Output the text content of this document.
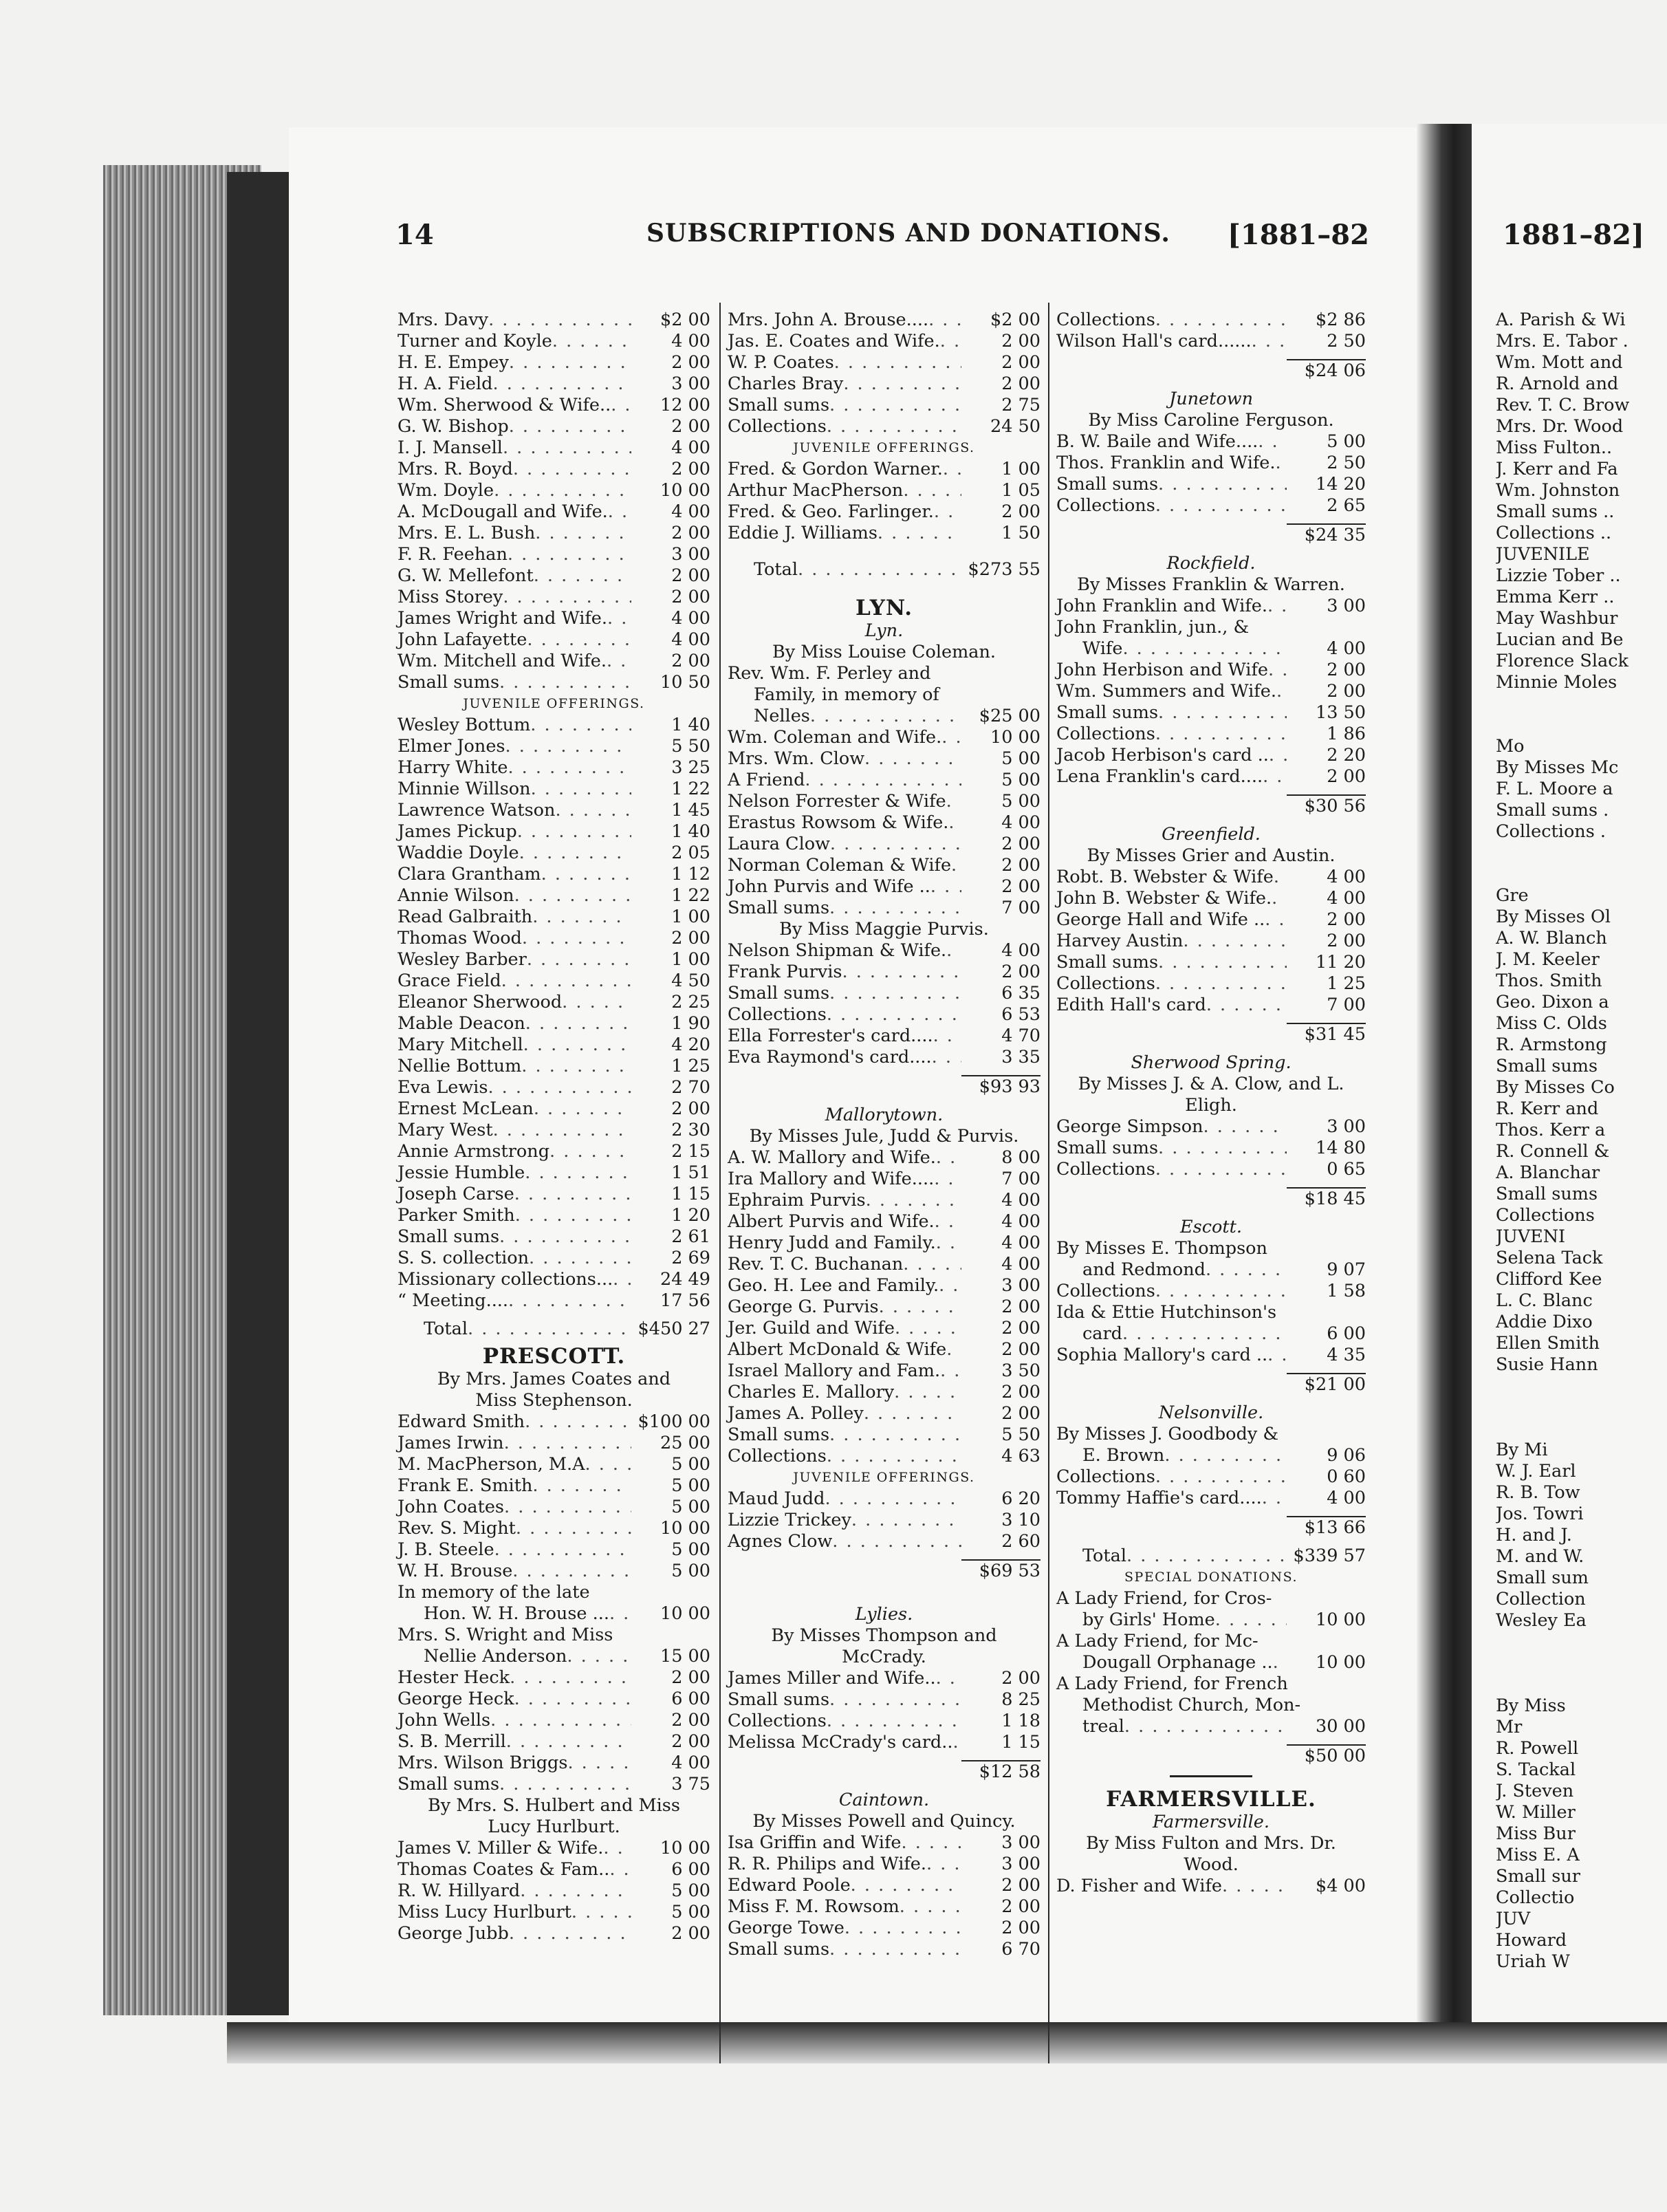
14	SUBSCRIPTIONS AND DONATIONS. [1881–82	1881–82]
Mrs. Davy . . .	$2 00
Turner and Koyle . . .	4 00
H. E. Empey . . .	2 00
H. A. Field . . .	3 00
Wm. Sherwood & Wife.. . . .	12 00
G. W. Bishop . . .	2 00
I. J. Mansell . . .	4 00
Mrs. R. Boyd . . .	2 00
Wm. Doyle . . .	10 00
A. McDougall and Wife. . . .	4 00
Mrs. E. L. Bush . . .	2 00
F. R. Feehan . . .	3 00
G. W. Mellefont . . .	2 00
Miss Storey . . .	2 00
James Wright and Wife. . . .	4 00
John Lafayette . . .	4 00
Wm. Mitchell and Wife. . . .	2 00
Small sums . . .	10 50
JUVENILE OFFERINGS.
Wesley Bottum . . .	1 40
Elmer Jones . . .	5 50
Harry White . . .	3 25
Minnie Willson . . .	1 22
Lawrence Watson . . .	1 45
James Pickup . . .	1 40
Waddie Doyle . . .	2 05
Clara Grantham . . .	1 12
Annie Wilson . . .	1 22
Read Galbraith . . .	1 00
Thomas Wood . . .	2 00
Wesley Barber . . .	1 00
Grace Field . . .	4 50
Eleanor Sherwood . . .	2 25
Mable Deacon . . .	1 90
Mary Mitchell . . .	4 20
Nellie Bottum . . .	1 25
Eva Lewis . . .	2 70
Ernest McLean . . .	2 00
Mary West . . .	2 30
Annie Armstrong . . .	2 15
Jessie Humble . . .	1 51
Joseph Carse . . .	1 15
Parker Smith . . .	1 20
Small sums . . .	2 61
S. S. collection . . .	2 69
Missionary collections... . . .	24 49
“ Meeting.... . . .	17 56
Total . . .	$450 27
PRESCOTT.
By Mrs. James Coates and
Miss Stephenson.
Edward Smith . . .	$100 00
James Irwin . . .	25 00
M. MacPherson, M.A . . .	5 00
Frank E. Smith . . .	5 00
John Coates . . .	5 00
Rev. S. Might . . .	10 00
J. B. Steele . . .	5 00
W. H. Brouse . . .	5 00
In memory of the late
Hon. W. H. Brouse ... . . .	10 00
Mrs. S. Wright and Miss
Nellie Anderson . . .	15 00
Hester Heck . . .	2 00
George Heck . . .	6 00
John Wells . . .	2 00
S. B. Merrill . . .	2 00
Mrs. Wilson Briggs . . .	4 00
Small sums . . .	3 75
By Mrs. S. Hulbert and Miss
Lucy Hurlburt.
James V. Miller & Wife. . . .	10 00
Thomas Coates & Fam.. . . .	6 00
R. W. Hillyard . . .	5 00
Miss Lucy Hurlburt . . .	5 00
George Jubb . . .	2 00
Mrs. John A. Brouse.... . . .	$2 00
Jas. E. Coates and Wife. . . .	2 00
W. P. Coates . . .	2 00
Charles Bray . . .	2 00
Small sums . . .	2 75
Collections . . .	24 50
JUVENILE OFFERINGS.
Fred. & Gordon Warner. . . .	1 00
Arthur MacPherson . . .	1 05
Fred. & Geo. Farlinger. . . .	2 00
Eddie J. Williams . . .	1 50
Total . . .	$273 55
LYN.
Lyn.
By Miss Louise Coleman.
Rev. Wm. F. Perley and
Family, in memory of
Nelles . . .	$25 00
Wm. Coleman and Wife. . . .	10 00
Mrs. Wm. Clow . . .	5 00
A Friend . . .	5 00
Nelson Forrester & Wife . . .	5 00
Erastus Rowsom & Wife. . . .	4 00
Laura Clow . . .	2 00
Norman Coleman & Wife . . .	2 00
John Purvis and Wife .. . . .	2 00
Small sums . . .	7 00
By Miss Maggie Purvis.
Nelson Shipman & Wife. . . .	4 00
Frank Purvis . . .	2 00
Small sums . . .	6 35
Collections . . .	6 53
Ella Forrester's card.... . . .	4 70
Eva Raymond's card.... . . .	3 35
$93 93
Mallorytown.
By Misses Jule, Judd & Purvis.
A. W. Mallory and Wife. . . .	8 00
Ira Mallory and Wife.... . . .	7 00
Ephraim Purvis . . .	4 00
Albert Purvis and Wife. . . .	4 00
Henry Judd and Family. . . .	4 00
Rev. T. C. Buchanan . . .	4 00
Geo. H. Lee and Family. . . .	3 00
George G. Purvis . . .	2 00
Jer. Guild and Wife . . .	2 00
Albert McDonald & Wife . . .	2 00
Israel Mallory and Fam. . . .	3 50
Charles E. Mallory . . .	2 00
James A. Polley . . .	2 00
Small sums . . .	5 50
Collections . . .	4 63
JUVENILE OFFERINGS.
Maud Judd . . .	6 20
Lizzie Trickey . . .	3 10
Agnes Clow . . .	2 60
$69 53
Lylies.
By Misses Thompson and
McCrady.
James Miller and Wife.. . . .	2 00
Small sums . . .	8 25
Collections . . .	1 18
Melissa McCrady's card.. . . .	1 15
$12 58
Caintown.
By Misses Powell and Quincy.
Isa Griffin and Wife . . .	3 00
R. R. Philips and Wife. . . .	3 00
Edward Poole . . .	2 00
Miss F. M. Rowsom . . .	2 00
George Towe . . .	2 00
Small sums . . .	6 70
Collections . . .	$2 86
Wilson Hall's card...... . . .	2 50
$24 06
Junetown
By Miss Caroline Ferguson.
B. W. Baile and Wife.... . . .	5 00
Thos. Franklin and Wife. . . .	2 50
Small sums . . .	14 20
Collections . . .	2 65
$24 35
Rockfield.
By Misses Franklin & Warren.
John Franklin and Wife. . . .	3 00
John Franklin, jun., &
Wife . . .	4 00
John Herbison and Wife . . .	2 00
Wm. Summers and Wife. . . .	2 00
Small sums . . .	13 50
Collections . . .	1 86
Jacob Herbison's card .. . . .	2 20
Lena Franklin's card.... . . .	2 00
$30 56
Greenfield.
By Misses Grier and Austin.
Robt. B. Webster & Wife . . .	4 00
John B. Webster & Wife. . . .	4 00
George Hall and Wife .. . . .	2 00
Harvey Austin . . .	2 00
Small sums . . .	11 20
Collections . . .	1 25
Edith Hall's card . . .	7 00
$31 45
Sherwood Spring.
By Misses J. & A. Clow, and L.
Eligh.
George Simpson . . .	3 00
Small sums . . .	14 80
Collections . . .	0 65
$18 45
Escott.
By Misses E. Thompson
and Redmond . . .	9 07
Collections . . .	1 58
Ida & Ettie Hutchinson's
card . . .	6 00
Sophia Mallory's card .. . . .	4 35
$21 00
Nelsonville.
By Misses J. Goodbody &
E. Brown . . .	9 06
Collections . . .	0 60
Tommy Haffie's card.... . . .	4 00
$13 66
Total . . .	$339 57
SPECIAL DONATIONS.
A Lady Friend, for Cros-
by Girls' Home . . .	10 00
A Lady Friend, for Mc-
Dougall Orphanage .. . . .	10 00
A Lady Friend, for French
Methodist Church, Mon-
treal . . .	30 00
$50 00
FARMERSVILLE.
Farmersville.
By Miss Fulton and Mrs. Dr.
Wood.
D. Fisher and Wife . . .	$4 00
A. Parish & Wi
Mrs. E. Tabor .
Wm. Mott and
R. Arnold and
Rev. T. C. Brow
Mrs. Dr. Wood
Miss Fulton..
J. Kerr and Fa
Wm. Johnston
Small sums ..
Collections ..
JUVENILE
Lizzie Tober ..
Emma Kerr ..
May Washbur
Lucian and Be
Florence Slack
Minnie Moles
Mo
By Misses Mc
F. L. Moore a
Small sums .
Collections .
Gre
By Misses Ol
A. W. Blanch
J. M. Keeler
Thos. Smith
Geo. Dixon a
Miss C. Olds
R. Armstong
Small sums
By Misses Co
R. Kerr and
Thos. Kerr a
R. Connell &
A. Blanchar
Small sums
Collections
JUVENI
Selena Tack
Clifford Kee
L. C. Blanc
Addie Dixo
Ellen Smith
Susie Hann
By Mi
W. J. Earl
R. B. Tow
Jos. Towri
H. and J.
M. and W.
Small sum
Collection
Wesley Ea
By Miss
Mr
R. Powell
S. Tackal
J. Steven
W. Miller
Miss Bur
Miss E. A
Small sur
Collectio
JUV
Howard
Uriah W
